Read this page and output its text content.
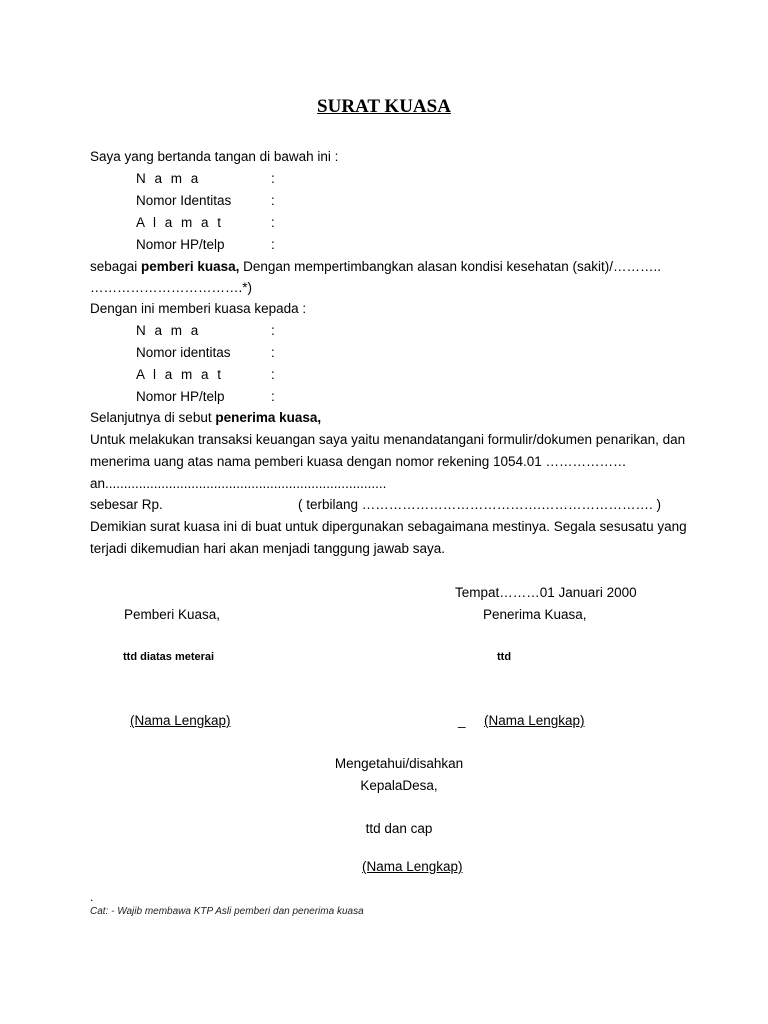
SURAT KUASA
Saya yang bertanda tangan di bawah ini :
N a m a	:
Nomor Identitas	:
A l a m a t	:
Nomor HP/telp	:
sebagai pemberi kuasa, Dengan mempertimbangkan alasan kondisi kesehatan (sakit)/………..
…………………………….*)
Dengan ini memberi kuasa kepada :
N a m a	:
Nomor identitas	:
A l a m a t	:
Nomor HP/telp	:
Selanjutnya di sebut penerima kuasa,
Untuk melakukan transaksi keuangan saya yaitu menandatangani formulir/dokumen penarikan, dan
menerima uang atas nama pemberi kuasa dengan nomor rekening 1054.01 ………………
an...........................................................................
sebesar Rp.	( terbilang ………………………………….……………………. )
Demikian surat kuasa ini di buat untuk dipergunakan sebagaimana mestinya. Segala sesusatu yang
terjadi dikemudian hari akan menjadi tanggung jawab saya.
Tempat………01 Januari 2000
Pemberi Kuasa,	Penerima Kuasa,
ttd diatas meterai	ttd
(Nama Lengkap)	_	(Nama Lengkap)
Mengetahui/disahkan
KepalaDesa,
ttd dan cap
(Nama Lengkap)
.
Cat: - Wajib membawa KTP Asli pemberi dan penerima kuasa
